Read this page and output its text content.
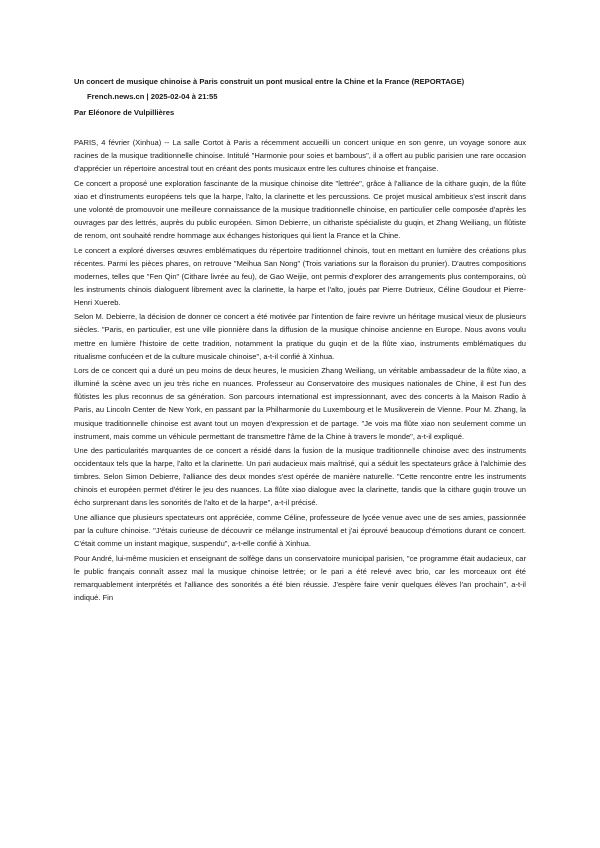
Un concert de musique chinoise à Paris construit un pont musical entre la Chine et la France (REPORTAGE)
French.news.cn | 2025-02-04 à 21:55
Par Eléonore de Vulpillières

PARIS, 4 février (Xinhua) -- La salle Cortot à Paris a récemment accueilli un concert unique en son genre, un voyage sonore aux racines de la musique traditionnelle chinoise. Intitulé "Harmonie pour soies et bambous", il a offert au public parisien une rare occasion d'apprécier un répertoire ancestral tout en créant des ponts musicaux entre les cultures chinoise et française.

Ce concert a proposé une exploration fascinante de la musique chinoise dite "lettrée", grâce à l'alliance de la cithare guqin, de la flûte xiao et d'instruments européens tels que la harpe, l'alto, la clarinette et les percussions. Ce projet musical ambitieux s'est inscrit dans une volonté de promouvoir une meilleure connaissance de la musique traditionnelle chinoise, en particulier celle composée d'après les ouvrages par des lettrés, auprès du public européen. Simon Debierre, un cithariste spécialiste du guqin, et Zhang Weiliang, un flûtiste de renom, ont souhaité rendre hommage aux échanges historiques qui lient la France et la Chine.

Le concert a exploré diverses œuvres emblématiques du répertoire traditionnel chinois, tout en mettant en lumière des créations plus récentes. Parmi les pièces phares, on retrouve "Meihua San Nong" (Trois variations sur la floraison du prunier). D'autres compositions modernes, telles que "Fen Qin" (Cithare livrée au feu), de Gao Weijie, ont permis d'explorer des arrangements plus contemporains, où les instruments chinois dialoguent librement avec la clarinette, la harpe et l'alto, joués par Pierre Dutrieux, Céline Goudour et Pierre-Henri Xuereb.

Selon M. Debierre, la décision de donner ce concert a été motivée par l'intention de faire revivre un héritage musical vieux de plusieurs siècles. "Paris, en particulier, est une ville pionnière dans la diffusion de la musique chinoise ancienne en Europe. Nous avons voulu mettre en lumière l'histoire de cette tradition, notamment la pratique du guqin et de la flûte xiao, instruments emblématiques du ritualisme confucéen et de la culture musicale chinoise", a-t-il confié à Xinhua.

Lors de ce concert qui a duré un peu moins de deux heures, le musicien Zhang Weiliang, un véritable ambassadeur de la flûte xiao, a illuminé la scène avec un jeu très riche en nuances. Professeur au Conservatoire des musiques nationales de Chine, il est l'un des flûtistes les plus reconnus de sa génération. Son parcours international est impressionnant, avec des concerts à la Maison Radio à Paris, au Lincoln Center de New York, en passant par la Philharmonie du Luxembourg et le Musikverein de Vienne. Pour M. Zhang, la musique traditionnelle chinoise est avant tout un moyen d'expression et de partage. "Je vois ma flûte xiao non seulement comme un instrument, mais comme un véhicule permettant de transmettre l'âme de la Chine à travers le monde", a-t-il expliqué.

Une des particularités marquantes de ce concert a résidé dans la fusion de la musique traditionnelle chinoise avec des instruments occidentaux tels que la harpe, l'alto et la clarinette. Un pari audacieux mais maîtrisé, qui a séduit les spectateurs grâce à l'alchimie des timbres. Selon Simon Debierre, l'alliance des deux mondes s'est opérée de manière naturelle. "Cette rencontre entre les instruments chinois et européen permet d'étirer le jeu des nuances. La flûte xiao dialogue avec la clarinette, tandis que la cithare guqin trouve un écho surprenant dans les sonorités de l'alto et de la harpe", a-t-il précisé.

Une alliance que plusieurs spectateurs ont appréciée, comme Céline, professeure de lycée venue avec une de ses amies, passionnée par la culture chinoise. "J'étais curieuse de découvrir ce mélange instrumental et j'ai éprouvé beaucoup d'émotions durant ce concert. C'était comme un instant magique, suspendu", a-t-elle confié à Xinhua.

Pour André, lui-même musicien et enseignant de solfège dans un conservatoire municipal parisien, "ce programme était audacieux, car le public français connaît assez mal la musique chinoise lettrée; or le pari a été relevé avec brio, car les morceaux ont été remarquablement interprétés et l'alliance des sonorités a été bien réussie. J'espère faire venir quelques élèves l'an prochain", a-t-il indiqué. Fin
